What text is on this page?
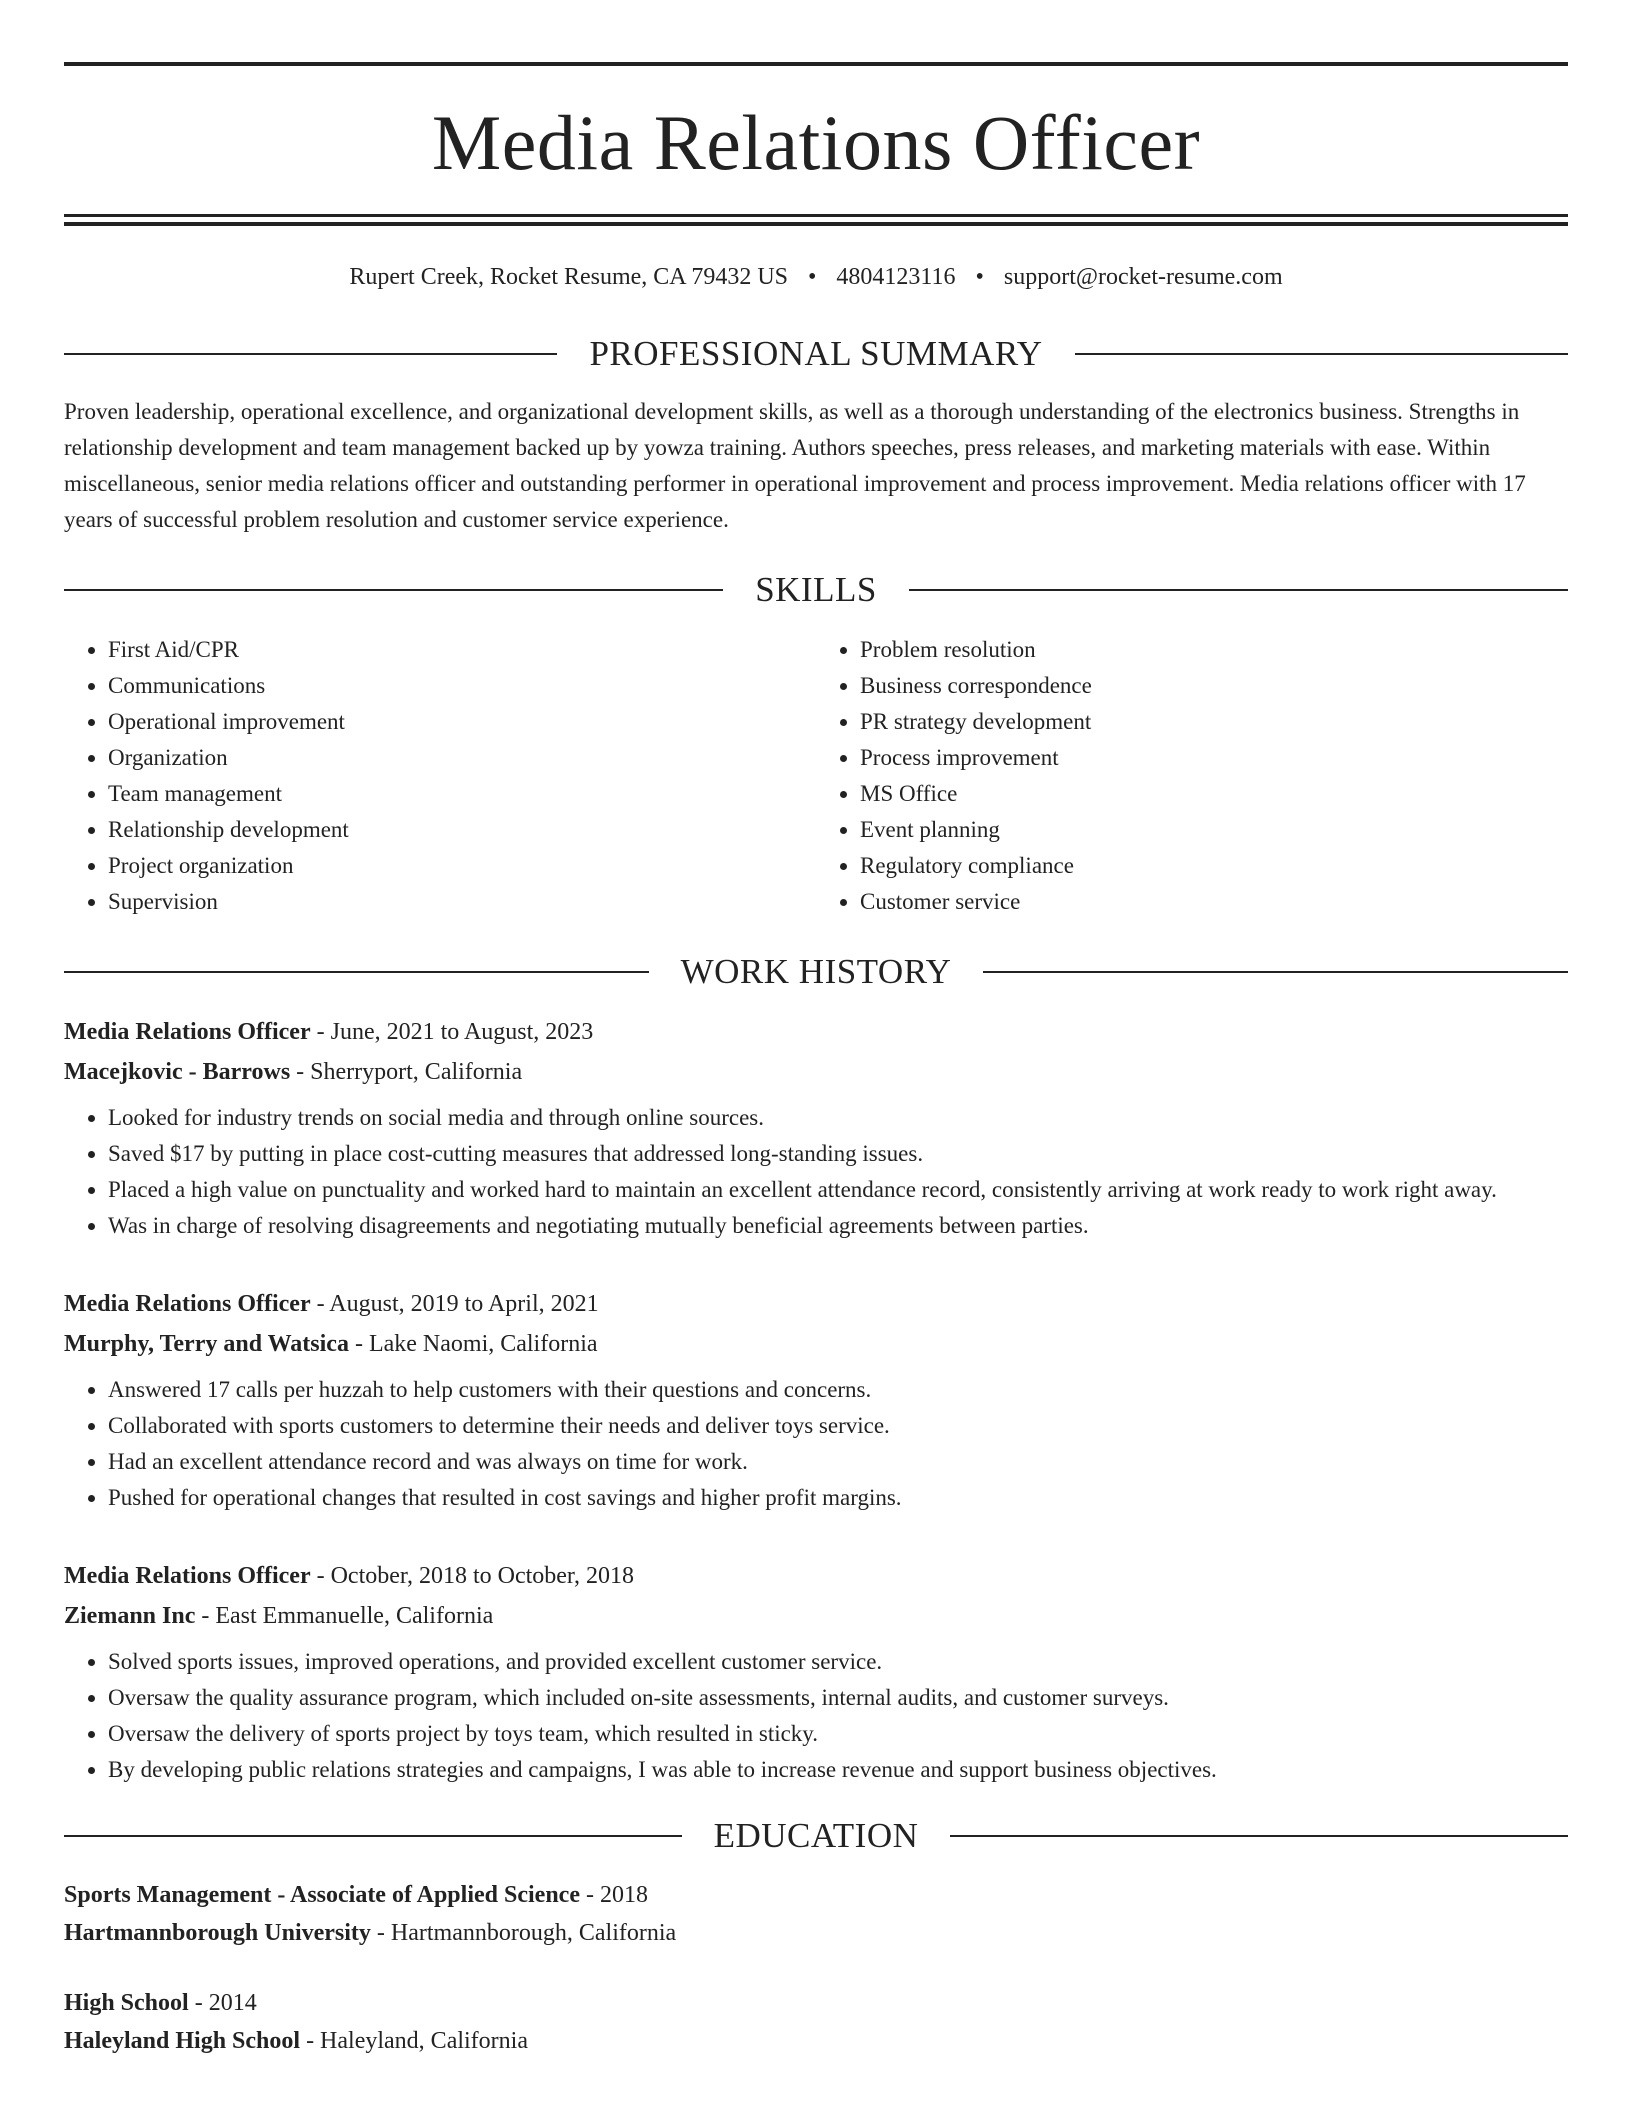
Media Relations Officer
Rupert Creek, Rocket Resume, CA 79432 US • 4804123116 • support@rocket-resume.com
PROFESSIONAL SUMMARY
Proven leadership, operational excellence, and organizational development skills, as well as a thorough understanding of the electronics business. Strengths in relationship development and team management backed up by yowza training. Authors speeches, press releases, and marketing materials with ease. Within miscellaneous, senior media relations officer and outstanding performer in operational improvement and process improvement. Media relations officer with 17 years of successful problem resolution and customer service experience.
SKILLS
• First Aid/CPR
• Communications
• Operational improvement
• Organization
• Team management
• Relationship development
• Project organization
• Supervision
• Problem resolution
• Business correspondence
• PR strategy development
• Process improvement
• MS Office
• Event planning
• Regulatory compliance
• Customer service
WORK HISTORY
Media Relations Officer - June, 2021 to August, 2023
Macejkovic - Barrows - Sherryport, California
• Looked for industry trends on social media and through online sources.
• Saved $17 by putting in place cost-cutting measures that addressed long-standing issues.
• Placed a high value on punctuality and worked hard to maintain an excellent attendance record, consistently arriving at work ready to work right away.
• Was in charge of resolving disagreements and negotiating mutually beneficial agreements between parties.
Media Relations Officer - August, 2019 to April, 2021
Murphy, Terry and Watsica - Lake Naomi, California
• Answered 17 calls per huzzah to help customers with their questions and concerns.
• Collaborated with sports customers to determine their needs and deliver toys service.
• Had an excellent attendance record and was always on time for work.
• Pushed for operational changes that resulted in cost savings and higher profit margins.
Media Relations Officer - October, 2018 to October, 2018
Ziemann Inc - East Emmanuelle, California
• Solved sports issues, improved operations, and provided excellent customer service.
• Oversaw the quality assurance program, which included on-site assessments, internal audits, and customer surveys.
• Oversaw the delivery of sports project by toys team, which resulted in sticky.
• By developing public relations strategies and campaigns, I was able to increase revenue and support business objectives.
EDUCATION
Sports Management - Associate of Applied Science - 2018
Hartmannborough University - Hartmannborough, California
High School - 2014
Haleyland High School - Haleyland, California
